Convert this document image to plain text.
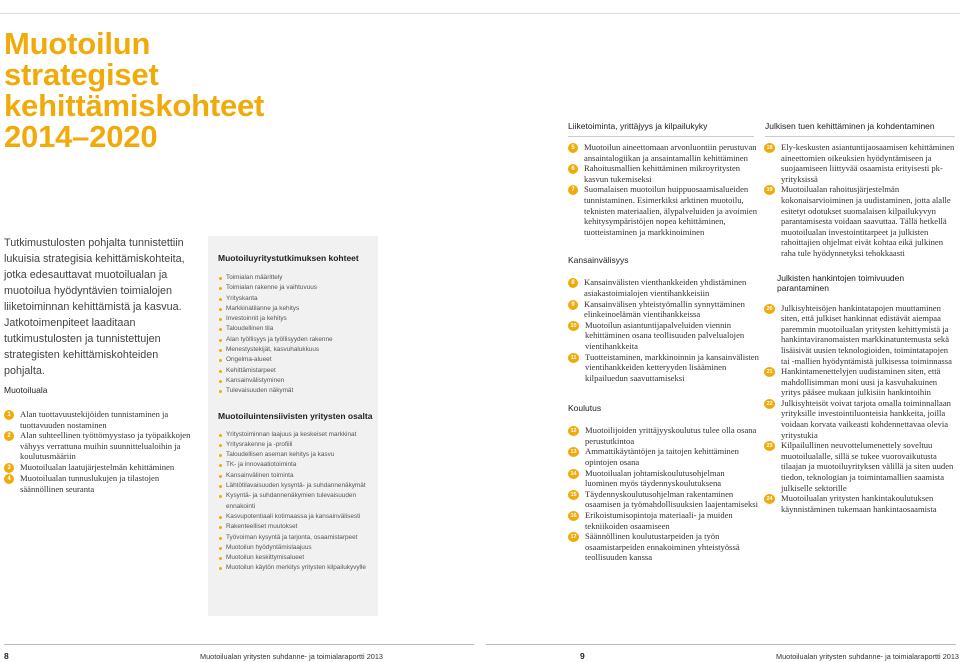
Muotoilun strategiset
kehittämiskohteet
2014–2020	Liiketoiminta, yrittäjyys ja kilpailukyky	Julkisen tuen kehittäminen ja kohdentaminen
Tutkimustulosten pohjalta tunnistettiin lukuisia strategisia kehittämiskohteita, jotka edesauttavat muotoilualan ja muotoilua hyödyntävien toimialojen liiketoiminnan kehittämistä ja kasvua. Jatkotoimenpiteet laaditaan tutkimustulosten ja tunnistettujen strategisten kehittämiskohteiden pohjalta.
Muotoiluala
1	Alan tuottavuustekijöiden tunnistaminen ja tuottavuuden nostaminen
2	Alan suhteellinen työttömyystaso ja työpaikkojen vähyys verrattuna muihin suunnittelualoihin ja koulutusmääriin
3	Muotoilualan laatujärjestelmän kehittäminen
4	Muotoilualan tunnuslukujen ja tilastojen säännöllinen seuranta
Muotoiluyritystutkimuksen kohteet
Toimialan määrittely
Toimialan rakenne ja vaihtuvuus
Yrityskanta
Markkinatilanne ja kehitys
Investoinnit ja kehitys
Taloudellinen tila
Alan työllisyys ja työllisyyden rakenne
Menestystekijät, kasvuhalukkuus
Ongelma-alueet
Kehittämistarpeet
Kansainvälistyminen
Tulevaisuuden näkymät
Muotoiluintensiivisten yritysten osalta
Yritystoiminnan laajuus ja keskeiset markkinat
Yritysrakenne ja -profiili
Taloudellisen aseman kehitys ja kasvu
TK- ja innovaatiotoiminta
Kansainvälinen toiminta
Lähtötilavaisuuden kysyntä- ja suhdannenäkymät
Kysyntä- ja suhdannenäkymien tulevaisuuden ennakointi
Kasvupotentiaali kotimaassa ja kansainvälisesti
Rakenteelliset muutokset
Työvoiman kysyntä ja tarjonta, osaamistarpeet
Muotoilun hyödyntämislaajuus
Muotoilun keskittymisalueet
Muotoilun käytön merkitys yritysten kilpailukyvylle
5	Muotoilun aineettomaan arvonluontiin perustuvan ansaintalogiikan ja ansaintamallin kehittäminen
6	Rahoitusmallien kehittäminen mikroyritysten kasvun tukemiseksi
7	Suomalaisen muotoilun huippuosaamisalueiden tunnistaminen. Esimerkiksi arktinen muotoilu, teknisten materiaalien, älypalveluiden ja avoimien kehitysympäristöjen nopea kehittäminen, tuotteistaminen ja markkinoiminen
Kansainvälisyys
8	Kansainvälisten vienthankkeiden yhdistäminen asiakastoimialojen vientihankkeisiin
9	Kansainvälisen yhteistyömallin synnyttäminen elinkeinoelämän vientihankkeissa
10 Muotoilun asiantuntijapalveluiden viennin kehittäminen osana teollisuuden palvelualojen vientihankkeita
11 Tuotteistaminen, markkinoinnin ja kansainvälisten vientihankkeiden ketteryyden lisääminen kilpailuedun saavuttamiseksi
Koulutus
12 Muotoilijoiden yrittäjyyskoulutus tulee olla osana perustutkintoa
13 Ammattikäytäntöjen ja taitojen kehittäminen opintojen osana
14 Muotoilualan johtamiskoulutusohjelman luominen myös täydennyskoulutuksena
15 Täydennyskoulutusohjelman rakentaminen osaamisen ja työmahdollisuuksien laajentamiseksi
16 Erikoistumisopintoja materiaali- ja muiden tekniikoiden osaamiseen
17 Säännöllinen koulutustarpeiden ja työn osaamistarpeiden ennakoiminen yhteistyössä teollisuuden kanssa
18 Ely-keskusten asiantuntijaosaamisen kehittäminen aineettomien oikeuksien hyödyntämiseen ja suojaamiseen liittyvää osaamista erityisesti pk-yrityksissä
19 Muotoilualan rahoitusjärjestelmän kokonaisarvioiminen ja uudistaminen, jotta alalle esitetyt odotukset suomalaisen kilpailukyvyn parantamisesta voidaan saavuttaa. Tällä hetkellä muotoilualan investointitarpeet ja julkisten rahoittajien ohjelmat eivät kohtaa eikä julkinen raha tule hyödynnetyksi tehokkaasti
Julkisten hankintojen toimivuuden parantaminen
20 Julkisyhteisöjen hankintatapojen muuttaminen siten, että julkiset hankinnat edistävät aiempaa paremmin muotoilualan yritysten kehittymistä ja hankintaviranomaisten markkinatuntemusta sekä lisäisivät uusien teknologioiden, toimintatapojen tai -mallien hyödyntämistä julkisessa toiminnassa
21 Hankintamenettelyjen uudistaminen siten, että mahdollisimman moni uusi ja kasvuhakuinen yritys pääsee mukaan julkisiin hankintoihin
22 Julkisyhteisöt voivat tarjota omalla toiminnallaan yrityksille investointiluonteisia hankkeita, joilla voidaan korvata vaikeasti kohdennettavaa olevia yritystukia
23 Kilpailullinen neuvottelumenettely soveltuu muotoilualalle, sillä se tukee vuorovaikutusta tilaajan ja muotoiluyrityksen välillä ja siten uuden tiedon, teknologian ja toimintamallien saamista julkiselle sektorille
24 Muotoilualan yritysten hankintakoulutuksen käynnistäminen tukemaan hankintaosaamista
8	Muotoilualan yritysten suhdanne- ja toimialaraportti 2013	9	Muotoilualan yritysten suhdanne- ja toimialaraportti 2013
